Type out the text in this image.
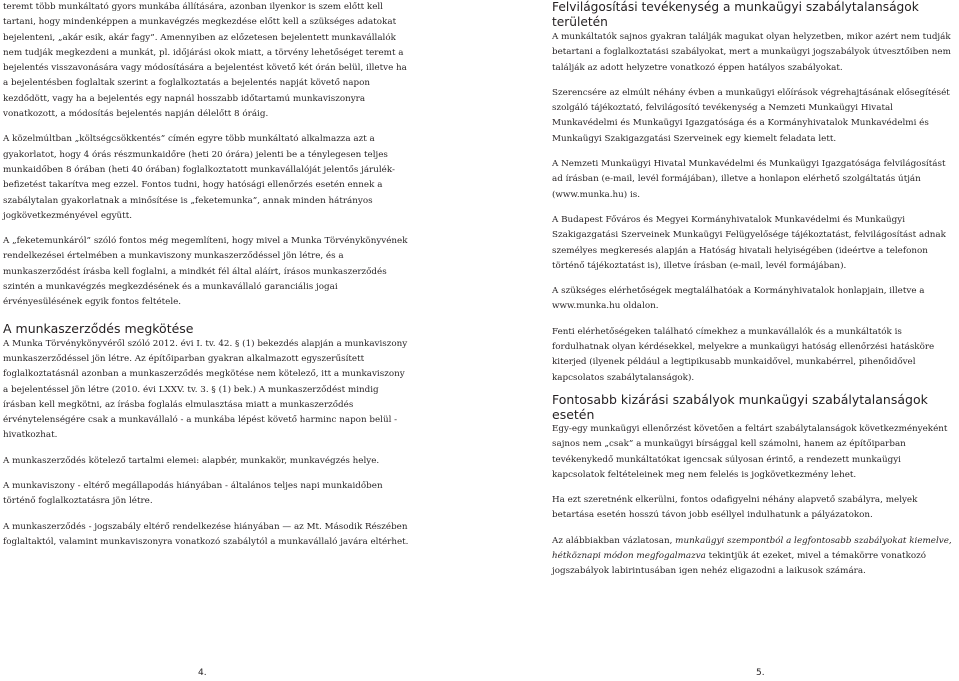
teremt több munkáltató gyors munkába állítására, azonban ilyenkor is szem előtt kell tartani, hogy mindenképpen a munkavégzés megkezdése előtt kell a szükséges adatokat bejelenteni, „akár esik, akár fagy”. Amennyiben az előzetesen bejelentett munkavállalók nem tudják megkezdeni a munkát, pl. időjárási okok miatt, a törvény lehetőséget teremt a bejelentés visszavonására vagy módosítására a bejelentést követő két órán belül, illetve ha a bejelentésben foglaltak szerint a foglalkoztatás a bejelentés napját követő napon kezdődött, vagy ha a bejelentés egy napnál hosszabb időtartamú munkaviszonyra vonatkozott, a módosítás bejelentés napján délelőtt 8 óráig.

A közelmúltban „költségcsökkentés” címén egyre több munkáltató alkalmazza azt a gyakorlatot, hogy 4 órás részmunkaidőre (heti 20 órára) jelenti be a ténylegesen teljes munkaidőben 8 órában (heti 40 órában) foglalkoztatott munkavállalóját jelentős járulék-befizetést takarítva meg ezzel. Fontos tudni, hogy hatósági ellenőrzés esetén ennek a szabálytalan gyakorlatnak a minősítése is „feketemunka”, annak minden hátrányos jogkövetkezményével együtt.

A „feketemunkáról” szóló fontos még megemlíteni, hogy mivel a Munka Törvénykönyvének rendelkezései értelmében a munkaviszony munkaszerződéssel jön létre, és a munkaszerződést írásba kell foglalni, a mindkét fél által aláírt, írásos munkaszerződés szintén a munkavégzés megkezdésének és a munkavállaló garanciális jogai érvényesülésének egyik fontos feltétele.

A munkaszerződés megkötése

A Munka Törvénykönyvéről szóló 2012. évi I. tv. 42. § (1) bekezdés alapján a munkaviszony munkaszerződéssel jön létre. Az építőiparban gyakran alkalmazott egyszerűsített foglalkoztatásnál azonban a munkaszerződés megkötése nem kötelező, itt a munkaviszony a bejelentéssel jön létre (2010. évi LXXV. tv. 3. § (1) bek.) A munkaszerződést mindig írásban kell megkötni, az írásba foglalás elmulasztása miatt a munkaszerződés érvénytelenségére csak a munkavállaló - a munkába lépést követő harminc napon belül - hivatkozhat.

A munkaszerződés kötelező tartalmi elemei: alapbér, munkakör, munkavégzés helye.

A munkaviszony - eltérő megállapodás hiányában - általános teljes napi munkaidőben történő foglalkoztatásra jön létre.

A munkaszerződés - jogszabály eltérő rendelkezése hiányában — az Mt. Második Részében foglaltaktól, valamint munkaviszonyra vonatkozó szabálytól a munkavállaló javára eltérhet.

Felvilágosítási tevékenység a munkaügyi szabálytalanságok területén

A munkáltatók sajnos gyakran találják magukat olyan helyzetben, mikor azért nem tudják betartani a foglalkoztatási szabályokat, mert a munkaügyi jogszabályok útvesztőiben nem találják az adott helyzetre vonatkozó éppen hatályos szabályokat.

Szerencsére az elmúlt néhány évben a munkaügyi előírások végrehajtásának elősegítését szolgáló tájékoztató, felvilágosító tevékenység a Nemzeti Munkaügyi Hivatal Munkavédelmi és Munkaügyi Igazgatósága és a Kormányhivatalok Munkavédelmi és Munkaügyi Szakigazgatási Szerveinek egy kiemelt feladata lett.

A Nemzeti Munkaügyi Hivatal Munkavédelmi és Munkaügyi Igazgatósága felvilágosítást ad írásban (e-mail, levél formájában), illetve a honlapon elérhető szolgáltatás útján (www.munka.hu) is.

A Budapest Főváros és Megyei Kormányhivatalok Munkavédelmi és Munkaügyi Szakigazgatási Szerveinek Munkaügyi Felügyelősége tájékoztatást, felvilágosítást adnak személyes megkeresés alapján a Hatóság hivatali helyiségében (ideértve a telefonon történő tájékoztatást is), illetve írásban (e-mail, levél formájában).

A szükséges elérhetőségek megtalálhatóak a Kormányhivatalok honlapjain, illetve a www.munka.hu oldalon.

Fenti elérhetőségeken található címekhez a munkavállalók és a munkáltatók is fordulhatnak olyan kérdésekkel, melyekre a munkaügyi hatóság ellenőrzési hatásköre kiterjed (ilyenek például a legtipikusabb munkaidővel, munkabérrel, pihenőidővel kapcsolatos szabálytalanságok).

Fontosabb kizárási szabályok munkaügyi szabálytalanságok esetén

Egy-egy munkaügyi ellenőrzést követően a feltárt szabálytalanságok következményeként sajnos nem „csak” a munkaügyi bírsággal kell számolni, hanem az építőiparban tevékenykedő munkáltatókat igencsak súlyosan érintő, a rendezett munkaügyi kapcsolatok feltételeinek meg nem felelés is jogkövetkezmény lehet.

Ha ezt szeretnénk elkerülni, fontos odafigyelni néhány alapvető szabályra, melyek betartása esetén hosszú távon jobb eséllyel indulhatunk a pályázatokon.

Az alábbiakban vázlatosan, munkaügyi szempontból a legfontosabb szabályokat kiemelve, hétköznapi módon megfogalmazva tekintjük át ezeket, mivel a témakörre vonatkozó jogszabályok labirintusában igen nehéz eligazodni a laikusok számára.

4.	5.
